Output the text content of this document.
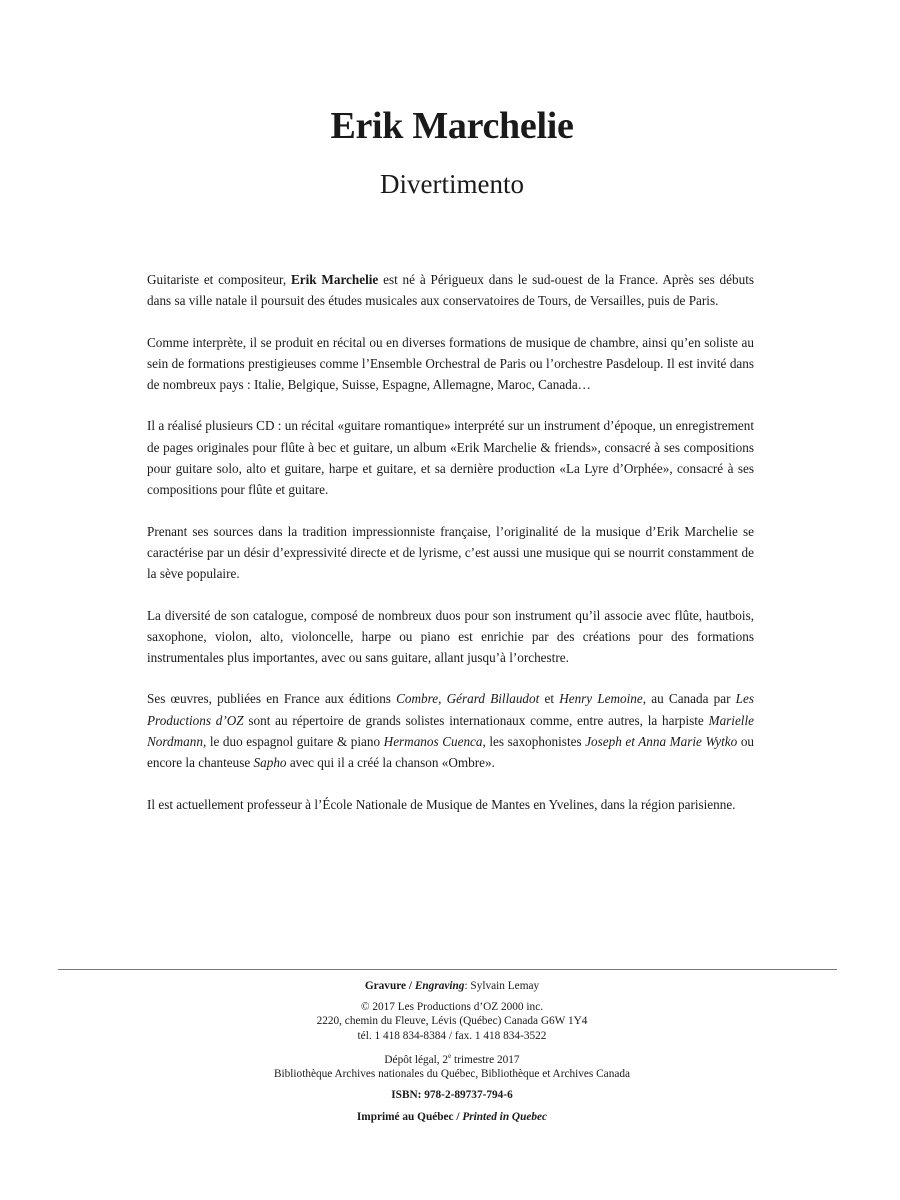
Erik Marchelie
Divertimento

Guitariste et compositeur, Erik Marchelie est né à Périgueux dans le sud-ouest de la France. Après ses débuts dans sa ville natale il poursuit des études musicales aux conservatoires de Tours, de Versailles, puis de Paris.

Comme interprète, il se produit en récital ou en diverses formations de musique de chambre, ainsi qu’en soliste au sein de formations prestigieuses comme l’Ensemble Orchestral de Paris ou l’orchestre Pasdeloup. Il est invité dans de nombreux pays : Italie, Belgique, Suisse, Espagne, Allemagne, Maroc, Canada…

Il a réalisé plusieurs CD : un récital «guitare romantique» interprété sur un instrument d’époque, un enregistrement de pages originales pour flûte à bec et guitare, un album «Erik Marchelie & friends», consacré à ses compositions pour guitare solo, alto et guitare, harpe et guitare, et sa dernière production «La Lyre d’Orphée», consacré à ses compositions pour flûte et guitare.

Prenant ses sources dans la tradition impressionniste française, l’originalité de la musique d’Erik Marchelie se caractérise par un désir d’expressivité directe et de lyrisme, c’est aussi une musique qui se nourrit constamment de la sève populaire.

La diversité de son catalogue, composé de nombreux duos pour son instrument qu’il associe avec flûte, hautbois, saxophone, violon, alto, violoncelle, harpe ou piano est enrichie par des créations pour des formations instrumentales plus importantes, avec ou sans guitare, allant jusqu’à l’orchestre.

Ses œuvres, publiées en France aux éditions Combre, Gérard Billaudot et Henry Lemoine, au Canada par Les Productions d’OZ sont au répertoire de grands solistes internationaux comme, entre autres, la harpiste Marielle Nordmann, le duo espagnol guitare & piano Hermanos Cuenca, les saxophonistes Joseph et Anna Marie Wytko ou encore la chanteuse Sapho avec qui il a créé la chanson «Ombre».

Il est actuellement professeur à l’École Nationale de Musique de Mantes en Yvelines, dans la région parisienne.

Gravure / Engraving: Sylvain Lemay
© 2017 Les Productions d’OZ 2000 inc.
2220, chemin du Fleuve, Lévis (Québec) Canada G6W 1Y4
tél. 1 418 834-8384 / fax. 1 418 834-3522
Dépôt légal, 2e trimestre 2017
Bibliothèque Archives nationales du Québec, Bibliothèque et Archives Canada
ISBN: 978-2-89737-794-6
Imprimé au Québec / Printed in Quebec
